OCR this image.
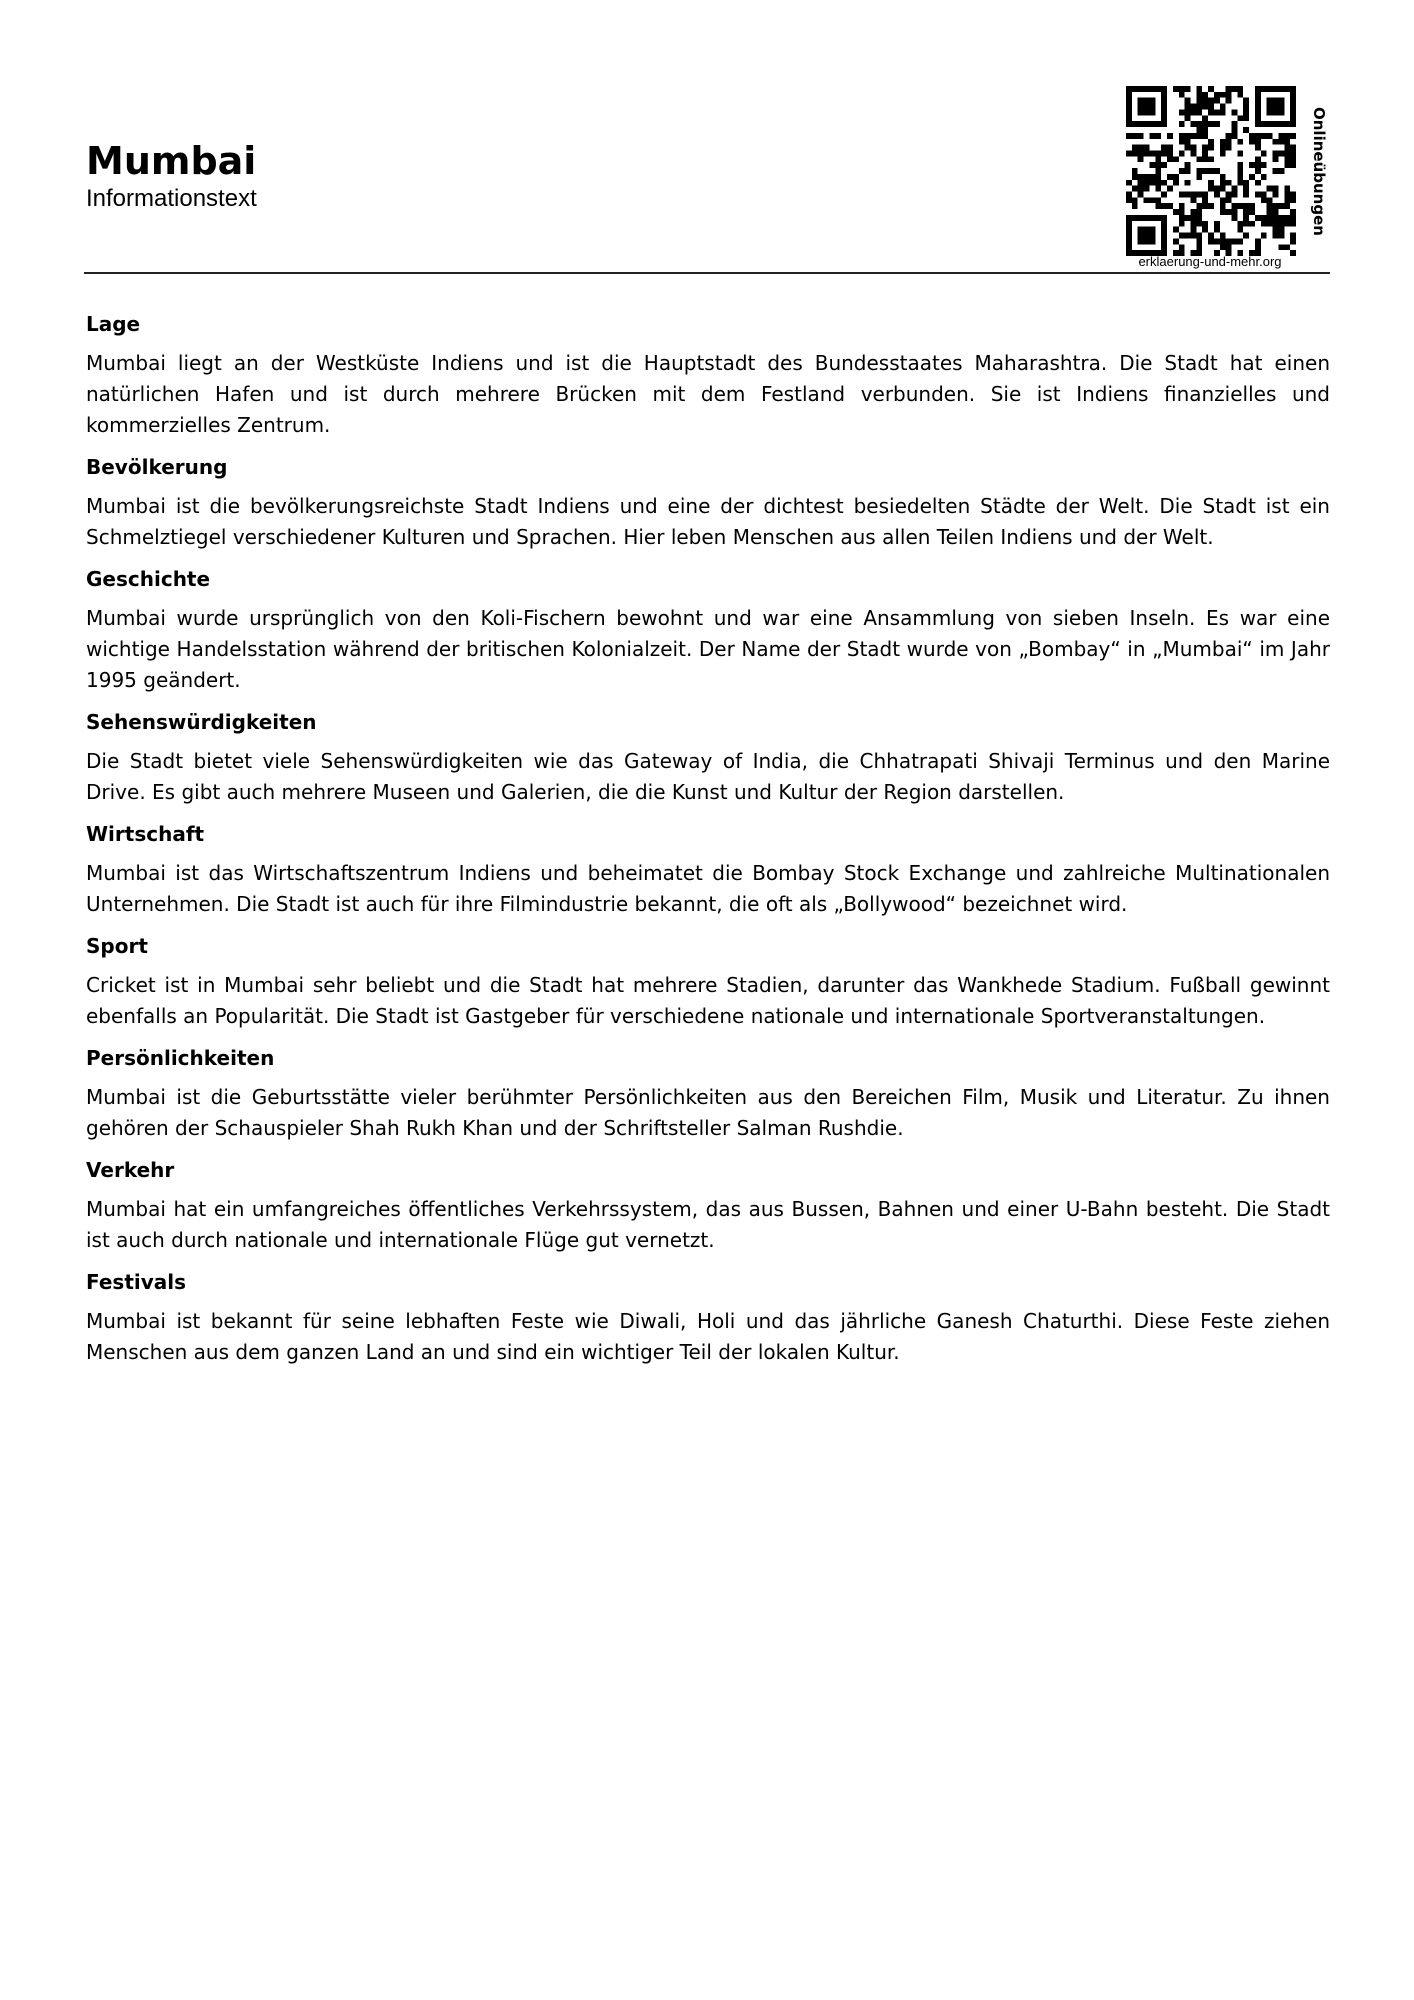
Mumbai

Informationstext	Onlineübungen
erklaerung-und-mehr.org
Lage

Mumbai liegt an der Westküste Indiens und ist die Hauptstadt des Bundesstaates Maharashtra. Die Stadt hat einen natürlichen Hafen und ist durch mehrere Brücken mit dem Festland verbunden. Sie ist Indiens finanzielles und kommerzielles Zentrum.

Bevölkerung

Mumbai ist die bevölkerungsreichste Stadt Indiens und eine der dichtest besiedelten Städte der Welt. Die Stadt ist ein Schmelztiegel verschiedener Kulturen und Sprachen. Hier leben Menschen aus allen Teilen Indiens und der Welt.

Geschichte

Mumbai wurde ursprünglich von den Koli-Fischern bewohnt und war eine Ansammlung von sieben Inseln. Es war eine wichtige Handelsstation während der britischen Kolonialzeit. Der Name der Stadt wurde von „Bombay“ in „Mumbai“ im Jahr 1995 geändert.

Sehenswürdigkeiten

Die Stadt bietet viele Sehenswürdigkeiten wie das Gateway of India, die Chhatrapati Shivaji Terminus und den Marine Drive. Es gibt auch mehrere Museen und Galerien, die die Kunst und Kultur der Region darstellen.

Wirtschaft

Mumbai ist das Wirtschaftszentrum Indiens und beheimatet die Bombay Stock Exchange und zahlreiche Multinationalen Unternehmen. Die Stadt ist auch für ihre Filmindustrie bekannt, die oft als „Bollywood“ bezeichnet wird.

Sport

Cricket ist in Mumbai sehr beliebt und die Stadt hat mehrere Stadien, darunter das Wankhede Stadium. Fußball gewinnt ebenfalls an Popularität. Die Stadt ist Gastgeber für verschiedene nationale und internationale Sportveranstaltungen.

Persönlichkeiten

Mumbai ist die Geburtsstätte vieler berühmter Persönlichkeiten aus den Bereichen Film, Musik und Literatur. Zu ihnen gehören der Schauspieler Shah Rukh Khan und der Schriftsteller Salman Rushdie.

Verkehr

Mumbai hat ein umfangreiches öffentliches Verkehrssystem, das aus Bussen, Bahnen und einer U-Bahn besteht. Die Stadt ist auch durch nationale und internationale Flüge gut vernetzt.

Festivals

Mumbai ist bekannt für seine lebhaften Feste wie Diwali, Holi und das jährliche Ganesh Chaturthi. Diese Feste ziehen Menschen aus dem ganzen Land an und sind ein wichtiger Teil der lokalen Kultur.
